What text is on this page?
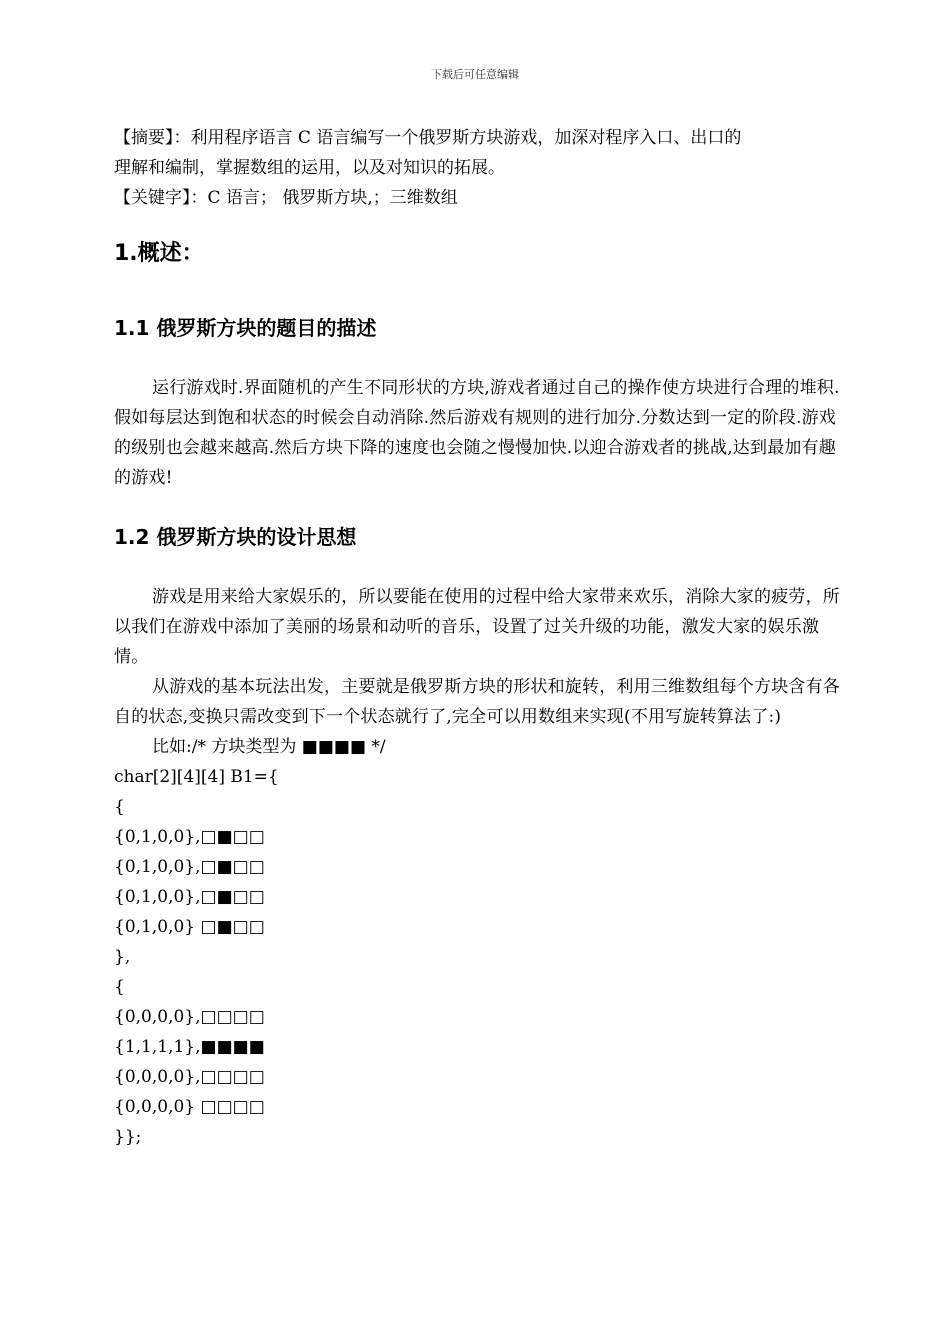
下载后可任意编辑

【摘要】：利用程序语言 C 语言编写一个俄罗斯方块游戏，加深对程序入口、出口的

理解和编制，掌握数组的运用，以及对知识的拓展。

【关键字】：C 语言； 俄罗斯方块,；三维数组

1.概述：
1.1 俄罗斯方块的题目的描述

运行游戏时.界面随机的产生不同形状的方块,游戏者通过自己的操作使方块进行合理的堆积.假如每层达到饱和状态的时候会自动消除.然后游戏有规则的进行加分.分数达到一定的阶段.游戏的级别也会越来越高.然后方块下降的速度也会随之慢慢加快.以迎合游戏者的挑战,达到最加有趣的游戏!

1.2 俄罗斯方块的设计思想

游戏是用来给大家娱乐的，所以要能在使用的过程中给大家带来欢乐，消除大家的疲劳，所以我们在游戏中添加了美丽的场景和动听的音乐，设置了过关升级的功能，激发大家的娱乐激情。

从游戏的基本玩法出发，主要就是俄罗斯方块的形状和旋转，利用三维数组每个方块含有各自的状态,变换只需改变到下一个状态就行了,完全可以用数组来实现(不用写旋转算法了:)

比如:/* 方块类型为 ■■■■ */

char[2][4][4] B1={

{

{0,1,0,0},□■□□

{0,1,0,0},□■□□

{0,1,0,0},□■□□

{0,1,0,0} □■□□

},

{

{0,0,0,0},□□□□

{1,1,1,1},■■■■

{0,0,0,0},□□□□

{0,0,0,0} □□□□

}};
